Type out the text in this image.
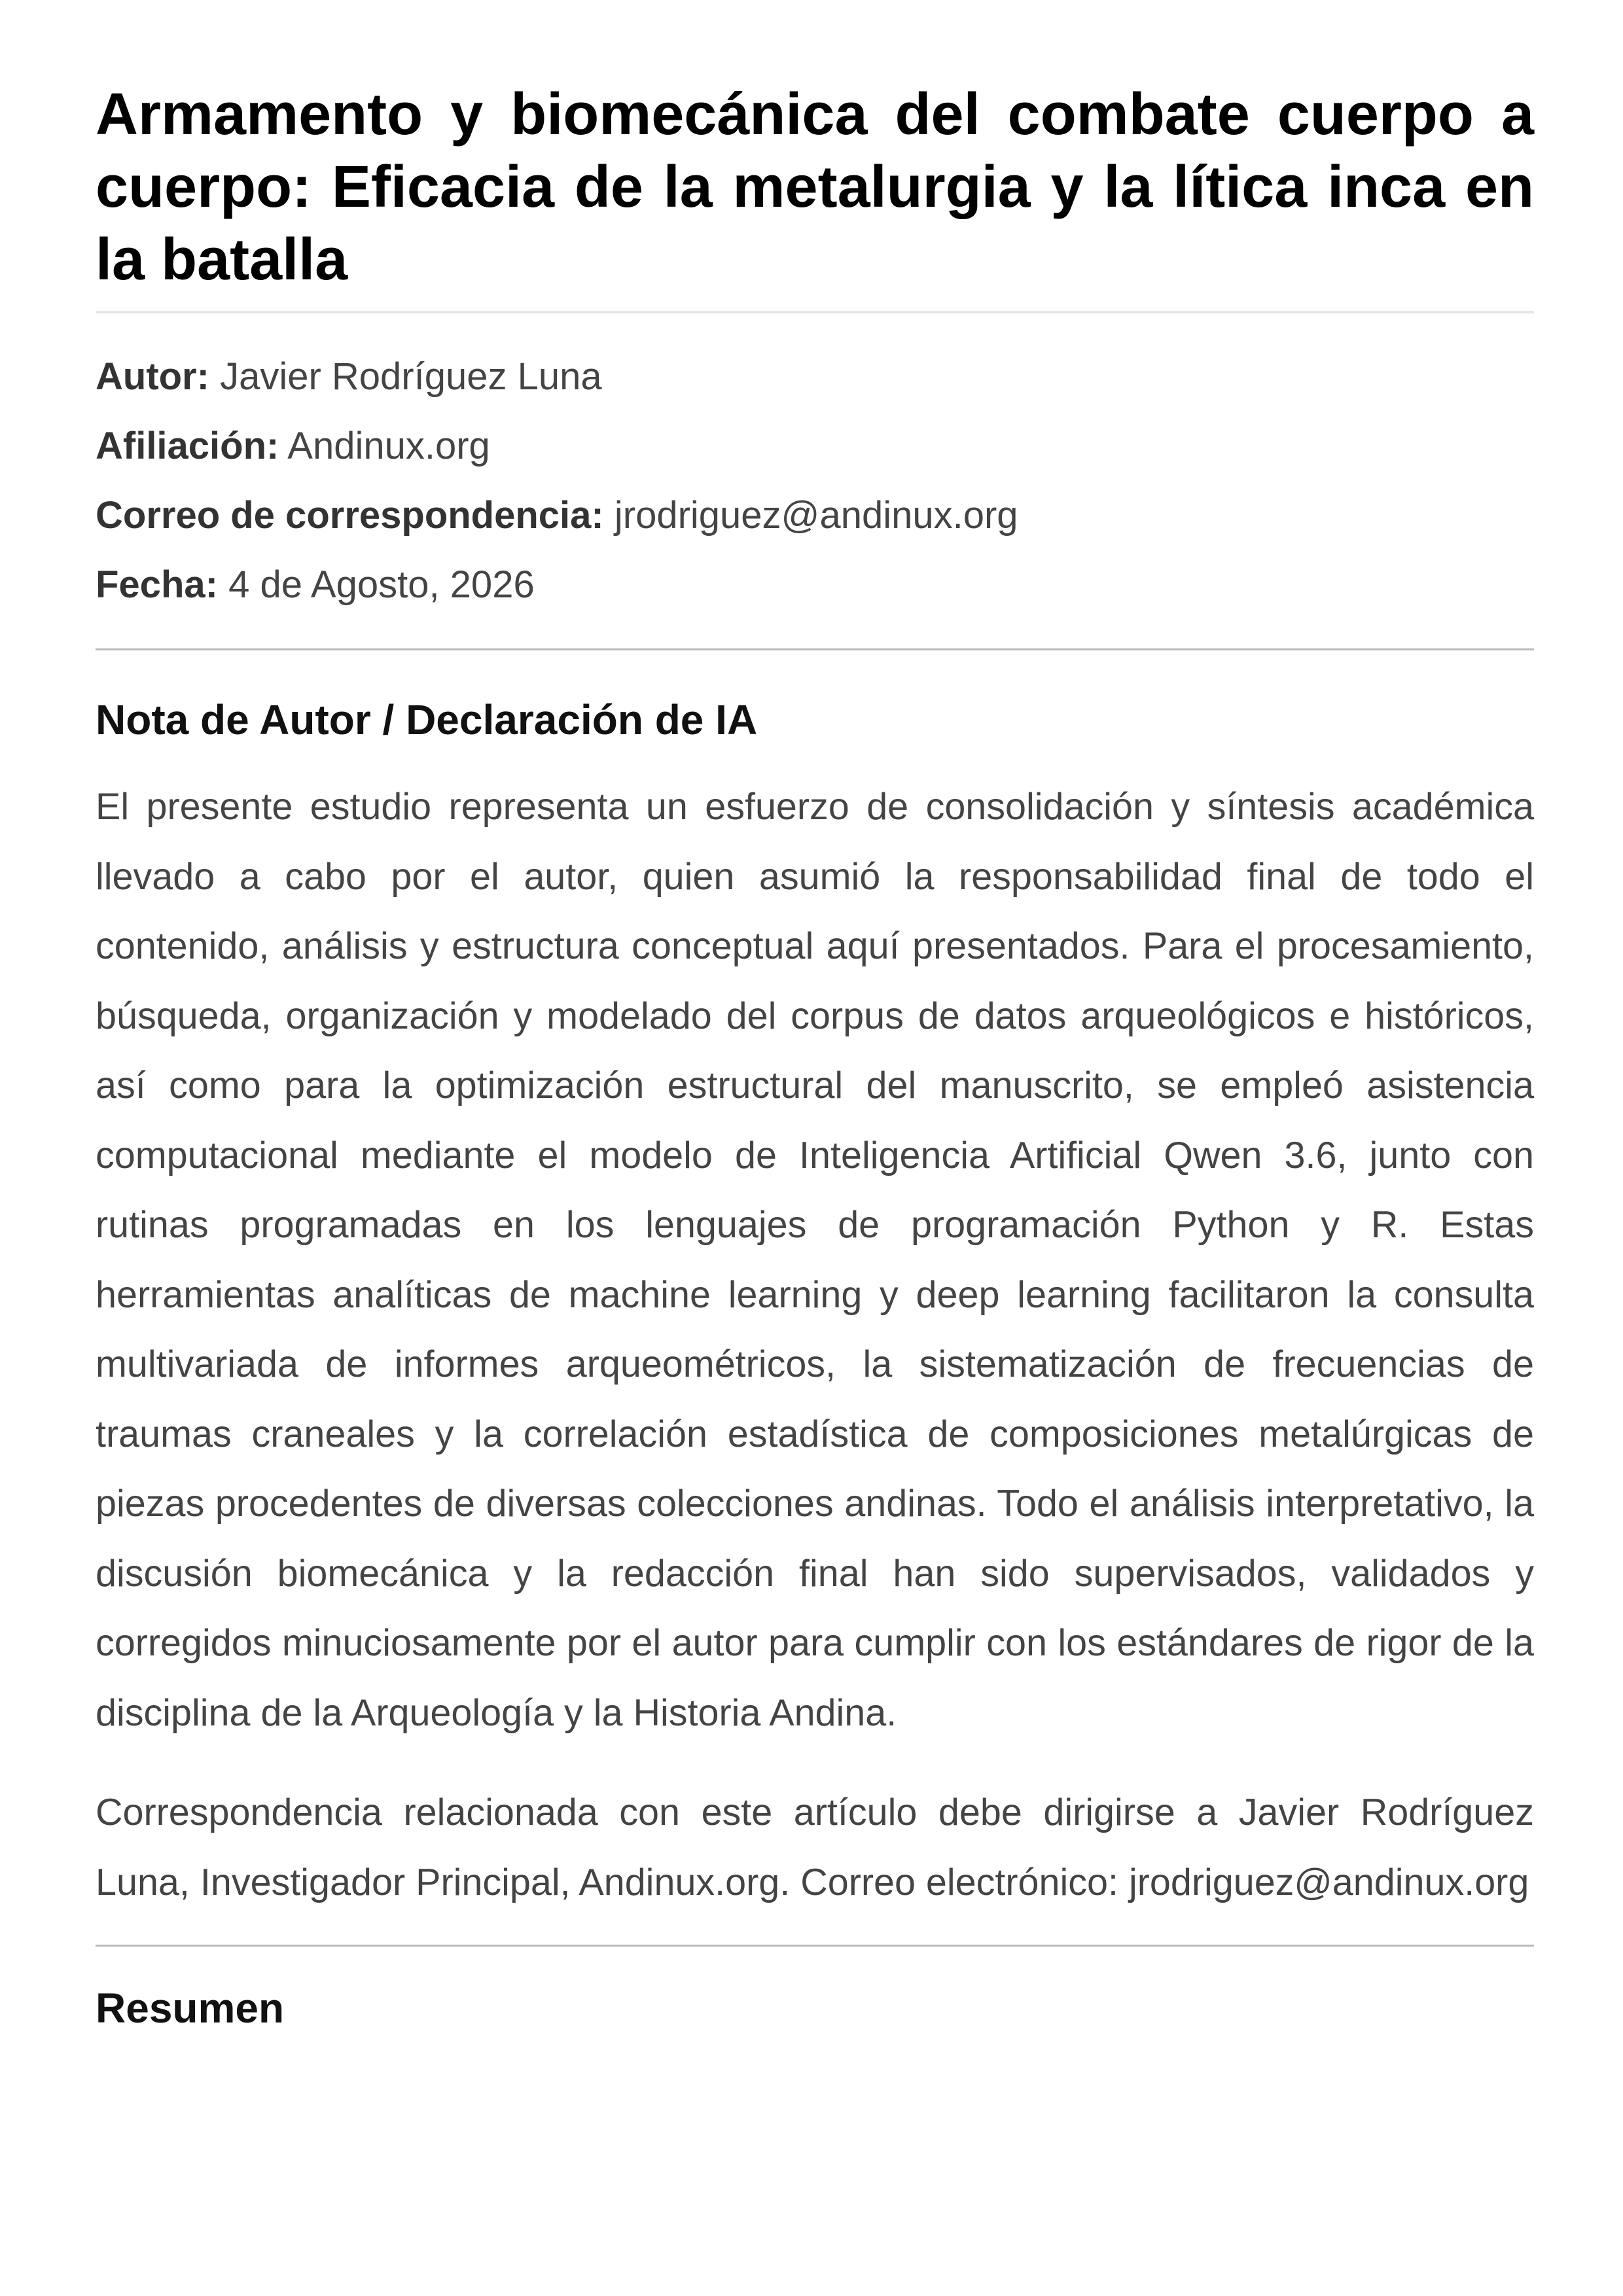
Armamento y biomecánica del combate cuerpo a cuerpo: Eficacia de la metalurgia y la lítica inca en la batalla
Autor: Javier Rodríguez Luna
Afiliación: Andinux.org
Correo de correspondencia: jrodriguez@andinux.org
Fecha: 4 de Agosto, 2026
Nota de Autor / Declaración de IA

El presente estudio representa un esfuerzo de consolidación y síntesis académica llevado a cabo por el autor, quien asumió la responsabilidad final de todo el contenido, análisis y estructura conceptual aquí presentados. Para el procesamiento, búsqueda, organización y modelado del corpus de datos arqueológicos e históricos, así como para la optimización estructural del manuscrito, se empleó asistencia computacional mediante el modelo de Inteligencia Artificial Qwen 3.6, junto con rutinas programadas en los lenguajes de programación Python y R. Estas herramientas analíticas de machine learning y deep learning facilitaron la consulta multivariada de informes arqueométricos, la sistematización de frecuencias de traumas craneales y la correlación estadística de composiciones metalúrgicas de piezas procedentes de diversas colecciones andinas. Todo el análisis interpretativo, la discusión biomecánica y la redacción final han sido supervisados, validados y corregidos minuciosamente por el autor para cumplir con los estándares de rigor de la disciplina de la Arqueología y la Historia Andina.

Correspondencia relacionada con este artículo debe dirigirse a Javier Rodríguez Luna, Investigador Principal, Andinux.org. Correo electrónico: jrodriguez@andinux.org

Resumen
